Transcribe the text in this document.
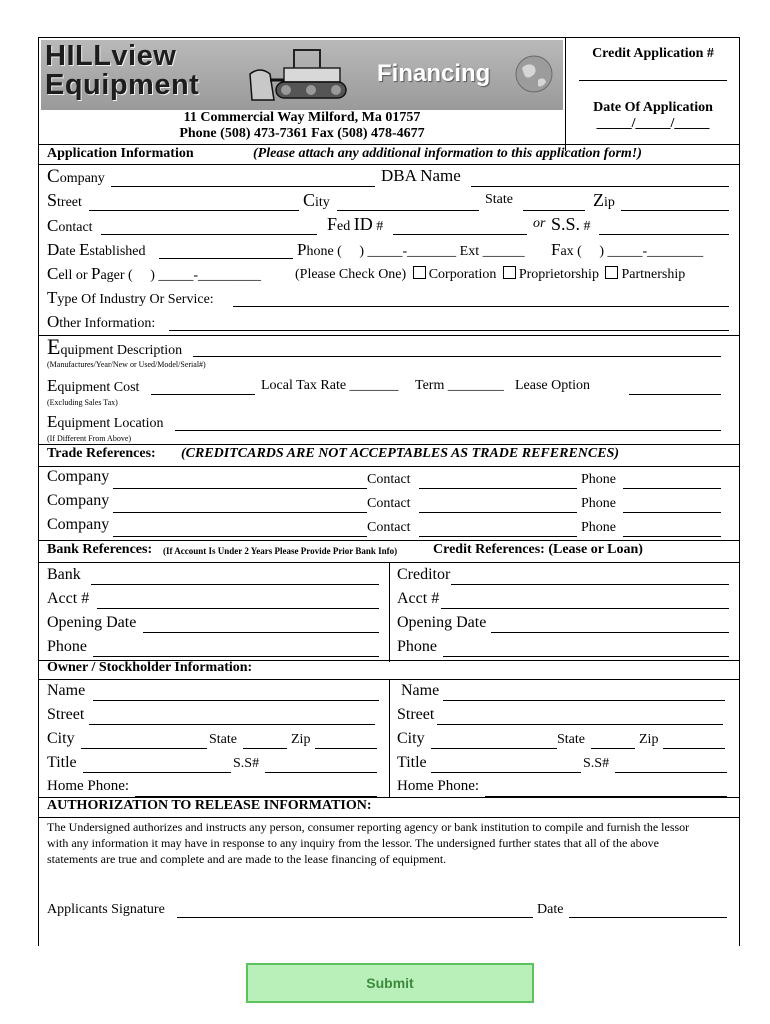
HILLview
Equipment	Financing
11 Commercial Way Milford, Ma 01757
Phone (508) 473-7361 Fax (508) 478-4677
Credit Application #
Date Of Application
_____/_____/_____
Application Information	(Please attach any additional information to this application form!)
Company	DBA Name
Street	City	State	Zip
Contact	Fed ID #	or S.S. #
Date Established	Phone (     ) _____-_______ Ext ______ Fax (     ) _____-________
Cell or Pager (     ) _____-_________ (Please Check One) Corporation Proprietorship Partnership
Type Of Industry Or Service:
Other Information:
Equipment Description
(Manufactures/Year/New or Used/Model/Serial#)
Equipment Cost	Local Tax Rate _______ Term ________ Lease Option
(Excluding Sales Tax)
Equipment Location
(If Different From Above)
Trade References: (CREDITCARDS ARE NOT ACCEPTABLES AS TRADE REFERENCES)
Company	Contact	Phone
Company	Contact	Phone
Company	Contact	Phone
Bank References: (If Account Is Under 2 Years Please Provide Prior Bank Info)	Credit References: (Lease or Loan)
Bank	Creditor
Acct #	Acct #
Opening Date	Opening Date
Phone	Phone
Owner / Stockholder Information:
Name	Name
Street	Street
City	State	Zip	City	State	Zip
Title	S.S#	Title	S.S#
Home Phone:	Home Phone:
AUTHORIZATION TO RELEASE INFORMATION:
The Undersigned authorizes and instructs any person, consumer reporting agency or bank institution to compile and furnish the lessor
with any information it may have in response to any inquiry from the lessor. The undersigned further states that all of the above
statements are true and complete and are made to the lease financing of equipment.
Applicants Signature	Date
Submit
